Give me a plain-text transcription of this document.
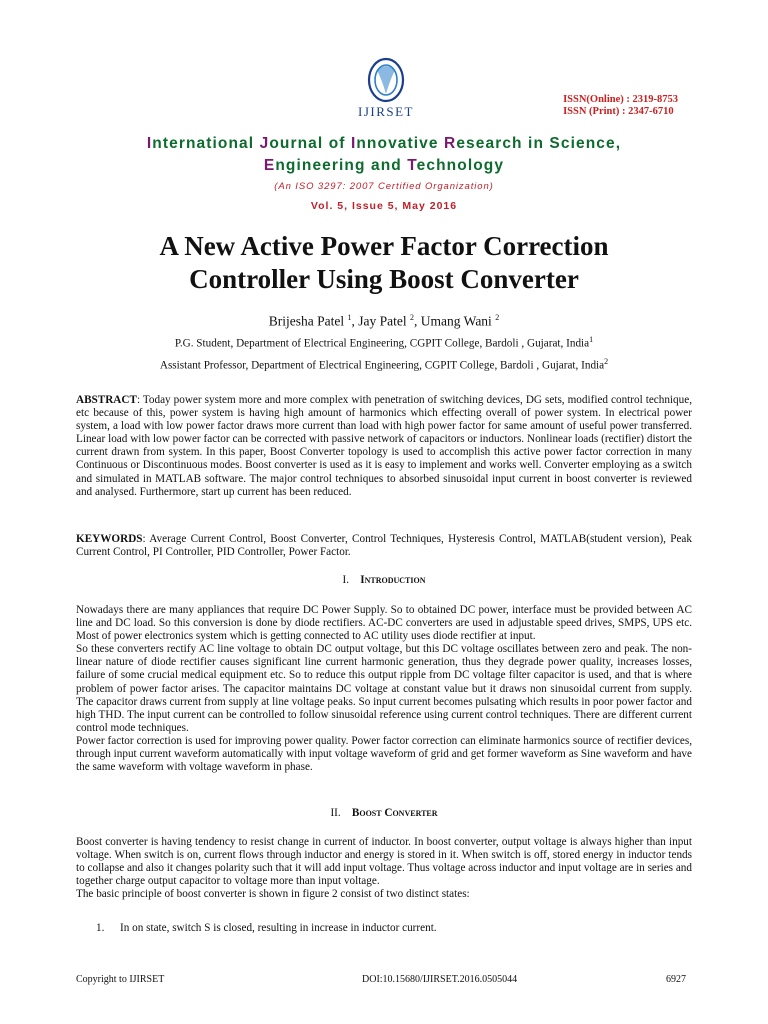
IJIRSET
ISSN(Online) : 2319-8753
ISSN (Print) : 2347-6710
International Journal of Innovative Research in Science,
Engineering and Technology
(An ISO 3297: 2007 Certified Organization)
Vol. 5, Issue 5, May 2016
A New Active Power Factor Correction
Controller Using Boost Converter
Brijesha Patel $^1$, Jay Patel $^2$, Umang Wani $^2$
P.G. Student, Department of Electrical Engineering, CGPIT College, Bardoli , Gujarat, India$^1$
Assistant Professor, Department of Electrical Engineering, CGPIT College, Bardoli , Gujarat, India$^2$
ABSTRACT: Today power system more and more complex with penetration of switching devices, DG sets, modified control technique, etc because of this, power system is having high amount of harmonics which effecting overall of power system. In electrical power system, a load with low power factor draws more current than load with high power factor for same amount of useful power transferred. Linear load with low power factor can be corrected with passive network of capacitors or inductors. Nonlinear loads (rectifier) distort the current drawn from system. In this paper, Boost Converter topology is used to accomplish this active power factor correction in many Continuous or Discontinuous modes. Boost converter is used as it is easy to implement and works well. Converter employing as a switch and simulated in MATLAB software. The major control techniques to absorbed sinusoidal input current in boost converter is reviewed and analysed. Furthermore, start up current has been reduced.
KEYWORDS: Average Current Control, Boost Converter, Control Techniques, Hysteresis Control, MATLAB(student version), Peak Current Control, PI Controller, PID Controller, Power Factor.
I. Introduction
Nowadays there are many appliances that require DC Power Supply. So to obtained DC power, interface must be provided between AC line and DC load. So this conversion is done by diode rectifiers. AC-DC converters are used in adjustable speed drives, SMPS, UPS etc. Most of power electronics system which is getting connected to AC utility uses diode rectifier at input.
So these converters rectify AC line voltage to obtain DC output voltage, but this DC voltage oscillates between zero and peak. The non-linear nature of diode rectifier causes significant line current harmonic generation, thus they degrade power quality, increases losses, failure of some crucial medical equipment etc. So to reduce this output ripple from DC voltage filter capacitor is used, and that is where problem of power factor arises. The capacitor maintains DC voltage at constant value but it draws non sinusoidal current from supply. The capacitor draws current from supply at line voltage peaks. So input current becomes pulsating which results in poor power factor and high THD. The input current can be controlled to follow sinusoidal reference using current control techniques. There are different current control mode techniques.
Power factor correction is used for improving power quality. Power factor correction can eliminate harmonics source of rectifier devices, through input current waveform automatically with input voltage waveform of grid and get former waveform as Sine waveform and have the same waveform with voltage waveform in phase.
II. Boost Converter
Boost converter is having tendency to resist change in current of inductor. In boost converter, output voltage is always higher than input voltage. When switch is on, current flows through inductor and energy is stored in it. When switch is off, stored energy in inductor tends to collapse and also it changes polarity such that it will add input voltage. Thus voltage across inductor and input voltage are in series and together charge output capacitor to voltage more than input voltage.
The basic principle of boost converter is shown in figure 2 consist of two distinct states:
1. In on state, switch S is closed, resulting in increase in inductor current.
Copyright to IJIRSET	DOI:10.15680/IJIRSET.2016.0505044	6927
